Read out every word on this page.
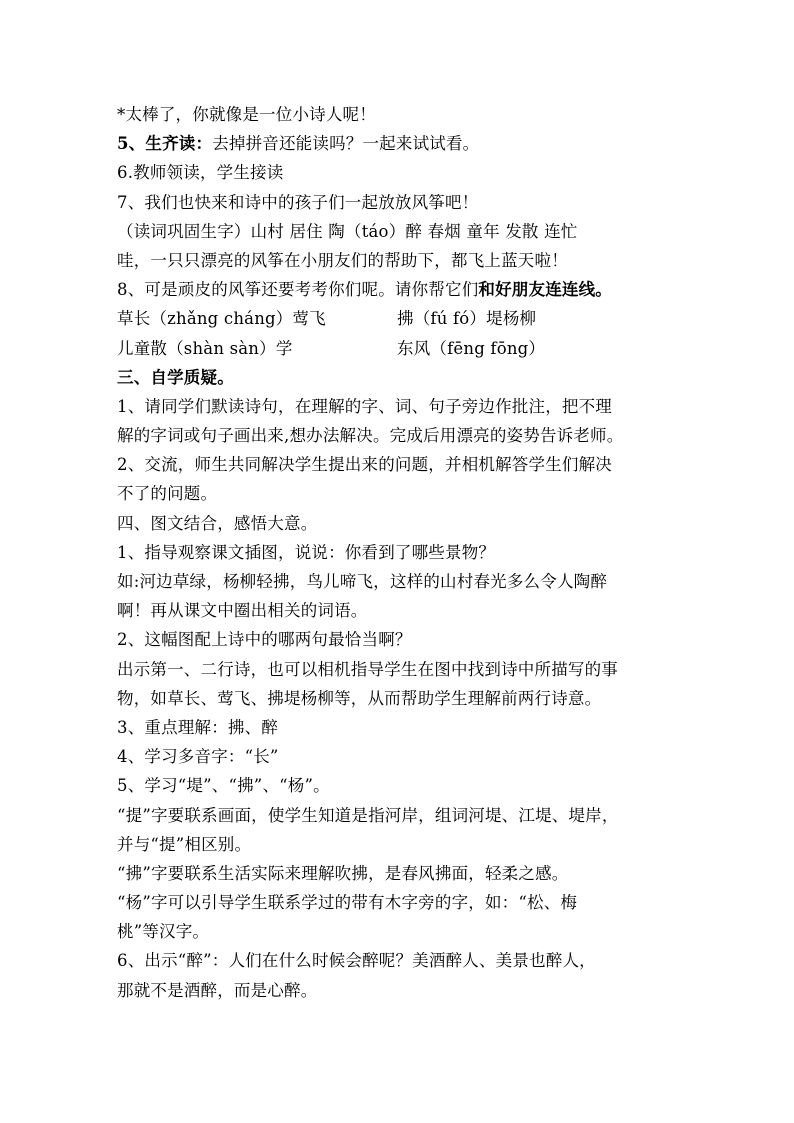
*太棒了，你就像是一位小诗人呢！
5、生齐读：去掉拼音还能读吗？一起来试试看。
6.教师领读，学生接读
7、我们也快来和诗中的孩子们一起放放风筝吧！
（读词巩固生字）山村 居住 陶（táo）醉 春烟 童年 发散 连忙
哇，一只只漂亮的风筝在小朋友们的帮助下，都飞上蓝天啦！
8、可是顽皮的风筝还要考考你们呢。请你帮它们和好朋友连连线。
草长（zhǎng cháng）莺飞	拂（fú fó）堤杨柳
儿童散（shàn sàn）学	东风（fēng fōng）
三、自学质疑。
1、请同学们默读诗句，在理解的字、词、句子旁边作批注，把不理
解的字词或句子画出来,想办法解决。完成后用漂亮的姿势告诉老师。
2、交流，师生共同解决学生提出来的问题，并相机解答学生们解决
不了的问题。
四、图文结合，感悟大意。
1、指导观察课文插图，说说：你看到了哪些景物？
如:河边草绿，杨柳轻拂，鸟儿啼飞，这样的山村春光多么令人陶醉
啊！再从课文中圈出相关的词语。
2、这幅图配上诗中的哪两句最恰当啊？
出示第一、二行诗，也可以相机指导学生在图中找到诗中所描写的事
物，如草长、莺飞、拂堤杨柳等，从而帮助学生理解前两行诗意。
3、重点理解：拂、醉
4、学习多音字：“长”
5、学习“堤”、“拂”、“杨”。
“提”字要联系画面，使学生知道是指河岸，组词河堤、江堤、堤岸，
并与“提”相区别。
“拂”字要联系生活实际来理解吹拂，是春风拂面，轻柔之感。
“杨”字可以引导学生联系学过的带有木字旁的字，如：“松、梅
桃”等汉字。
6、出示“醉”：人们在什么时候会醉呢？美酒醉人、美景也醉人，
那就不是酒醉，而是心醉。
